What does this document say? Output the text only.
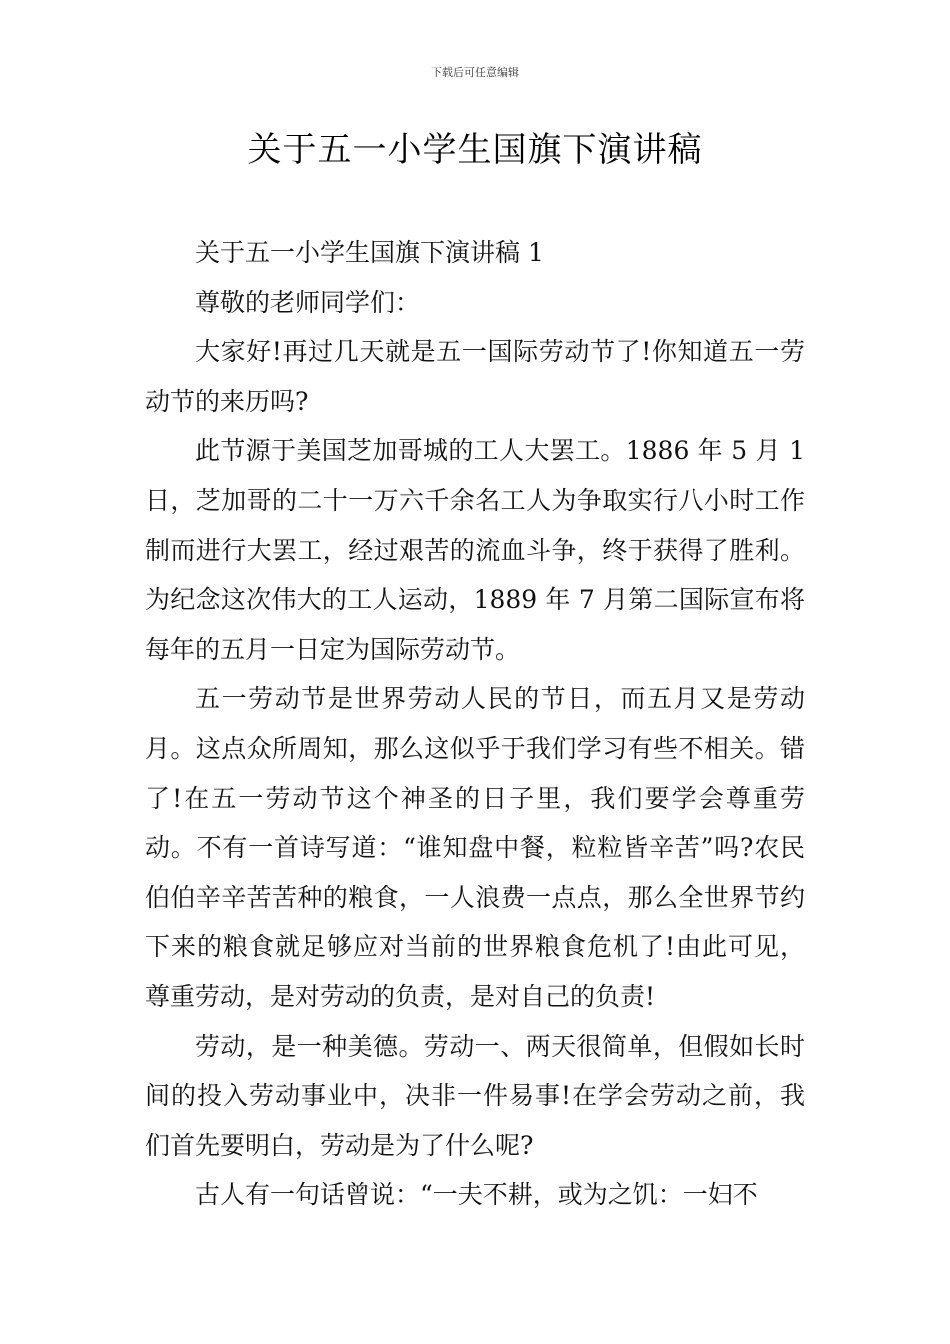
下载后可任意编辑
关于五一小学生国旗下演讲稿

关于五一小学生国旗下演讲稿 1

尊敬的老师同学们：

大家好!再过几天就是五一国际劳动节了!你知道五一劳动节的来历吗?

此节源于美国芝加哥城的工人大罢工。1886 年 5 月 1 日，芝加哥的二十一万六千余名工人为争取实行八小时工作制而进行大罢工，经过艰苦的流血斗争，终于获得了胜利。为纪念这次伟大的工人运动，1889 年 7 月第二国际宣布将每年的五月一日定为国际劳动节。

五一劳动节是世界劳动人民的节日，而五月又是劳动月。这点众所周知，那么这似乎于我们学习有些不相关。错了!在五一劳动节这个神圣的日子里，我们要学会尊重劳动。不有一首诗写道：“谁知盘中餐，粒粒皆辛苦”吗?农民伯伯辛辛苦苦种的粮食，一人浪费一点点，那么全世界节约下来的粮食就足够应对当前的世界粮食危机了!由此可见，尊重劳动，是对劳动的负责，是对自己的负责!

劳动，是一种美德。劳动一、两天很简单，但假如长时间的投入劳动事业中，决非一件易事!在学会劳动之前，我们首先要明白，劳动是为了什么呢?

古人有一句话曾说：“一夫不耕，或为之饥：一妇不
